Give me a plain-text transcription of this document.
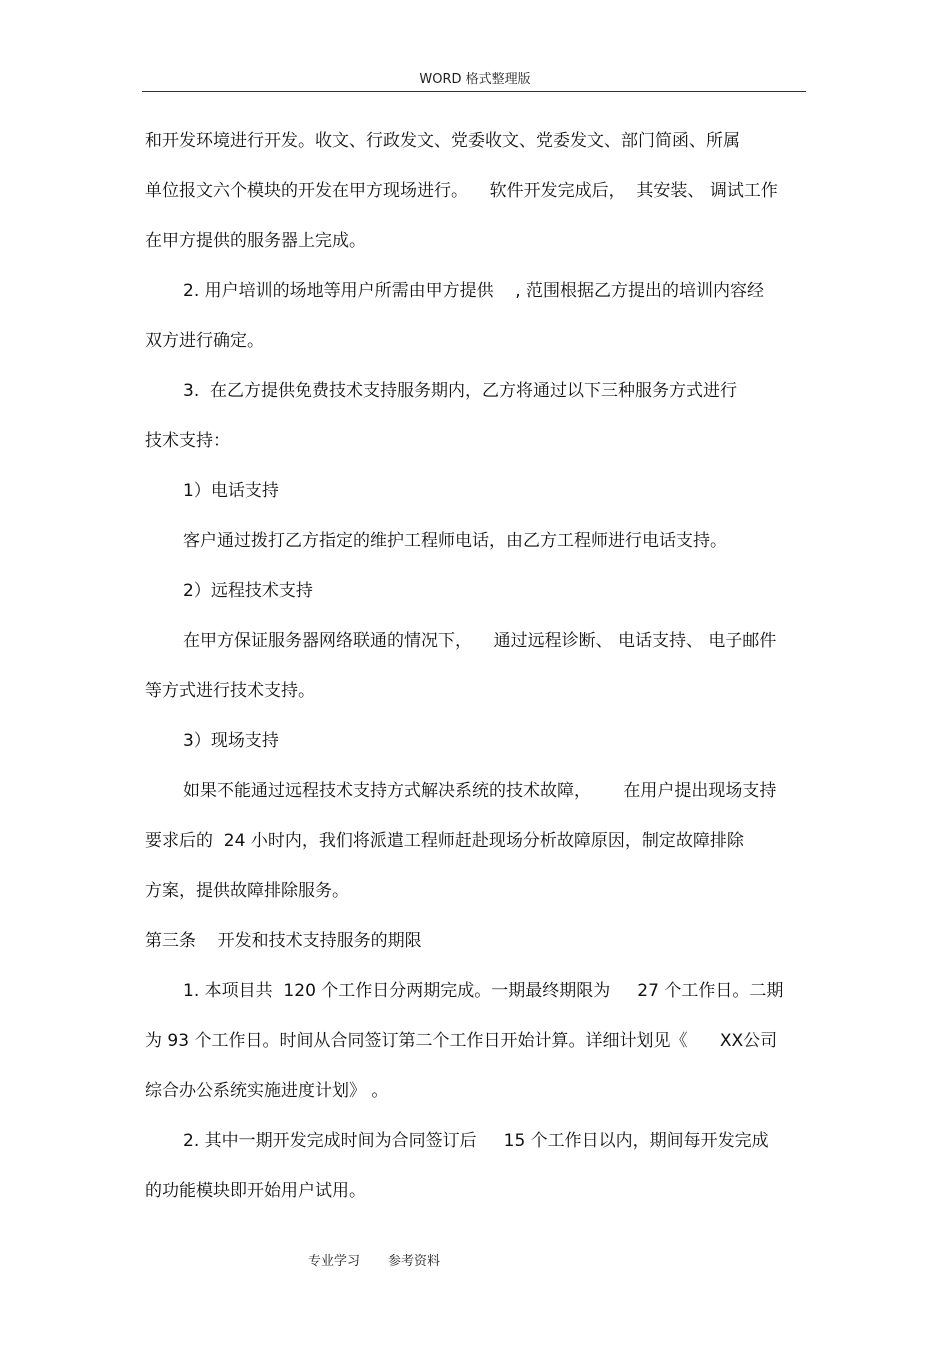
WORD 格式整理版
和开发环境进行开发。收文、行政发文、党委收文、党委发文、部门简函、所属
单位报文六个模块的开发在甲方现场进行。    软件开发完成后，  其安装、 调试工作
在甲方提供的服务器上完成。
2. 用户培训的场地等用户所需由甲方提供    , 范围根据乙方提出的培训内容经
双方进行确定。
3.  在乙方提供免费技术支持服务期内，乙方将通过以下三种服务方式进行
技术支持：
1）电话支持
客户通过拨打乙方指定的维护工程师电话，由乙方工程师进行电话支持。
2）远程技术支持
在甲方保证服务器网络联通的情况下，    通过远程诊断、 电话支持、 电子邮件
等方式进行技术支持。
3）现场支持
如果不能通过远程技术支持方式解决系统的技术故障，      在用户提出现场支持
要求后的  24 小时内，我们将派遣工程师赶赴现场分析故障原因，制定故障排除
方案，提供故障排除服务。
第三条    开发和技术支持服务的期限
1. 本项目共  120 个工作日分两期完成。一期最终期限为     27 个工作日。二期
为 93 个工作日。时间从合同签订第二个工作日开始计算。详细计划见《      XX公司
综合办公系统实施进度计划》 。
2. 其中一期开发完成时间为合同签订后     15 个工作日以内，期间每开发完成
的功能模块即开始用户试用。
专业学习 参考资料
